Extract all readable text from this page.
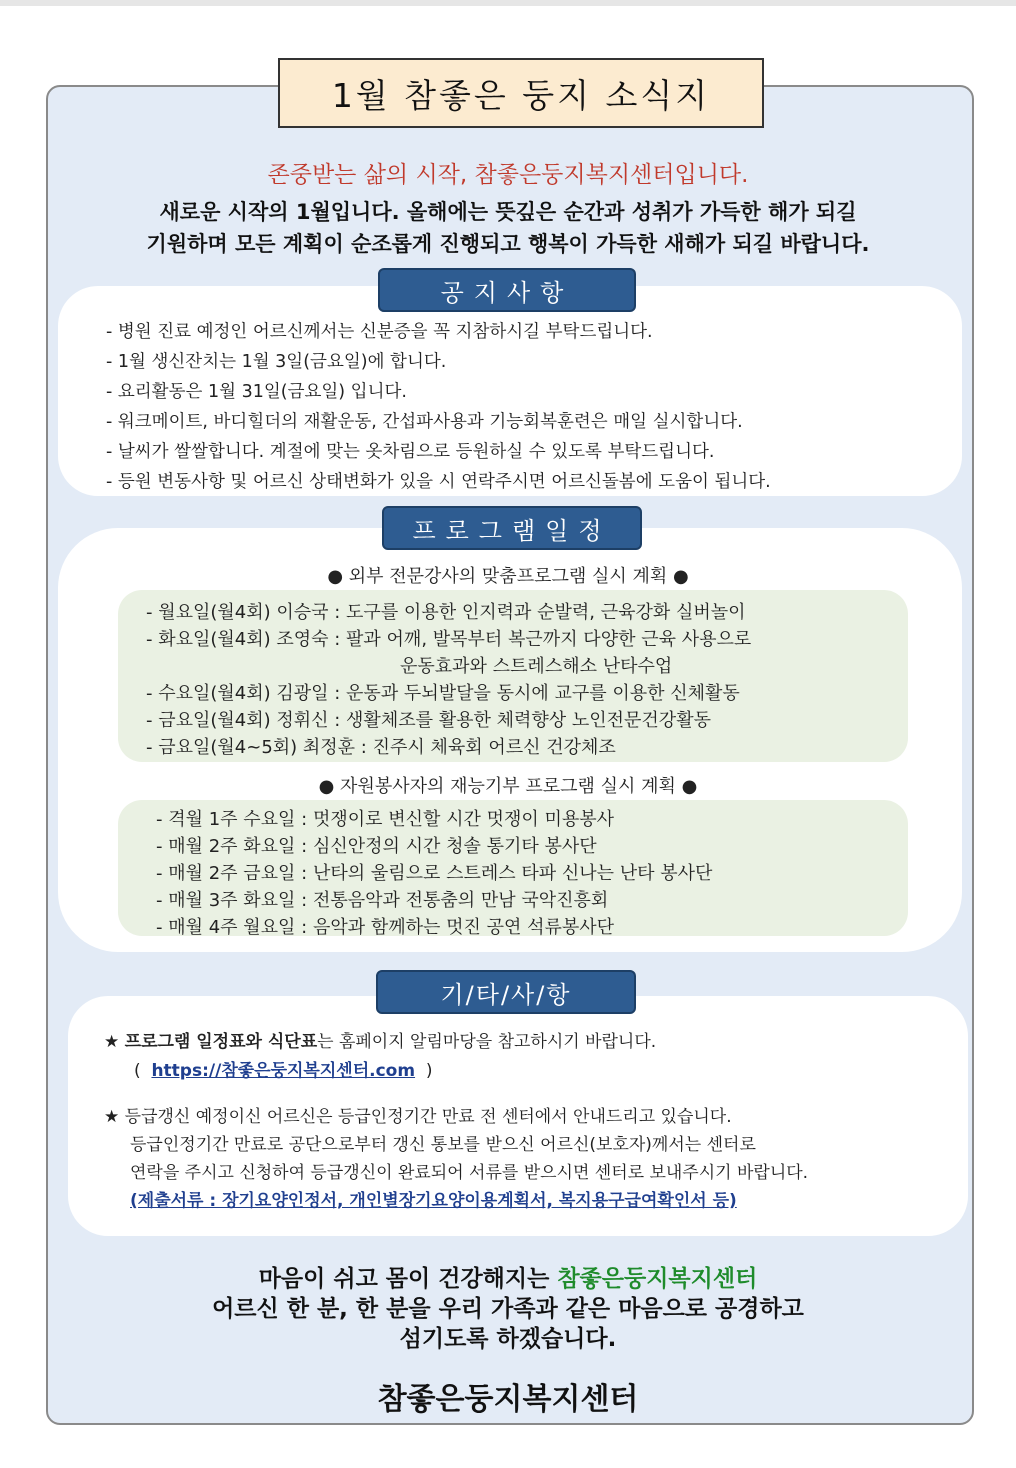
1월 참좋은 둥지 소식지
존중받는 삶의 시작, 참좋은둥지복지센터입니다.
새로운 시작의 1월입니다. 올해에는 뜻깊은 순간과 성취가 가득한 해가 되길
기원하며 모든 계획이 순조롭게 진행되고 행복이 가득한 새해가 되길 바랍니다.
공지사항
- 병원 진료 예정인 어르신께서는 신분증을 꼭 지참하시길 부탁드립니다.
- 1월 생신잔치는 1월 3일(금요일)에 합니다.
- 요리활동은 1월 31일(금요일) 입니다.
- 워크메이트, 바디힐더의 재활운동, 간섭파사용과 기능회복훈련은 매일 실시합니다.
- 날씨가 쌀쌀합니다. 계절에 맞는 옷차림으로 등원하실 수 있도록 부탁드립니다.
- 등원 변동사항 및 어르신 상태변화가 있을 시 연락주시면 어르신돌봄에 도움이 됩니다.
프로그램일정
● 외부 전문강사의 맞춤프로그램 실시 계획 ●
- 월요일(월4회) 이승국 : 도구를 이용한 인지력과 순발력, 근육강화 실버놀이
- 화요일(월4회) 조영숙 : 팔과 어깨, 발목부터 복근까지 다양한 근육 사용으로
운동효과와 스트레스해소 난타수업
- 수요일(월4회) 김광일 : 운동과 두뇌발달을 동시에 교구를 이용한 신체활동
- 금요일(월4회) 정휘신 : 생활체조를 활용한 체력향상 노인전문건강활동
- 금요일(월4~5회) 최정훈 : 진주시 체육회 어르신 건강체조
● 자원봉사자의 재능기부 프로그램 실시 계획 ●
- 격월 1주 수요일 : 멋쟁이로 변신할 시간 멋쟁이 미용봉사
- 매월 2주 화요일 : 심신안정의 시간 청솔 통기타 봉사단
- 매월 2주 금요일 : 난타의 울림으로 스트레스 타파 신나는 난타 봉사단
- 매월 3주 화요일 : 전통음악과 전통춤의 만남 국악진흥회
- 매월 4주 월요일 : 음악과 함께하는 멋진 공연 석류봉사단
기/타/사/항
★ 프로그램 일정표와 식단표는 홈페이지 알림마당을 참고하시기 바랍니다.
( https://참좋은둥지복지센터.com )
★ 등급갱신 예정이신 어르신은 등급인정기간 만료 전 센터에서 안내드리고 있습니다.
등급인정기간 만료로 공단으로부터 갱신 통보를 받으신 어르신(보호자)께서는 센터로
연락을 주시고 신청하여 등급갱신이 완료되어 서류를 받으시면 센터로 보내주시기 바랍니다.
(제출서류 : 장기요양인정서, 개인별장기요양이용계획서, 복지용구급여확인서 등)
마음이 쉬고 몸이 건강해지는 참좋은둥지복지센터
어르신 한 분, 한 분을 우리 가족과 같은 마음으로 공경하고
섬기도록 하겠습니다.
참좋은둥지복지센터
